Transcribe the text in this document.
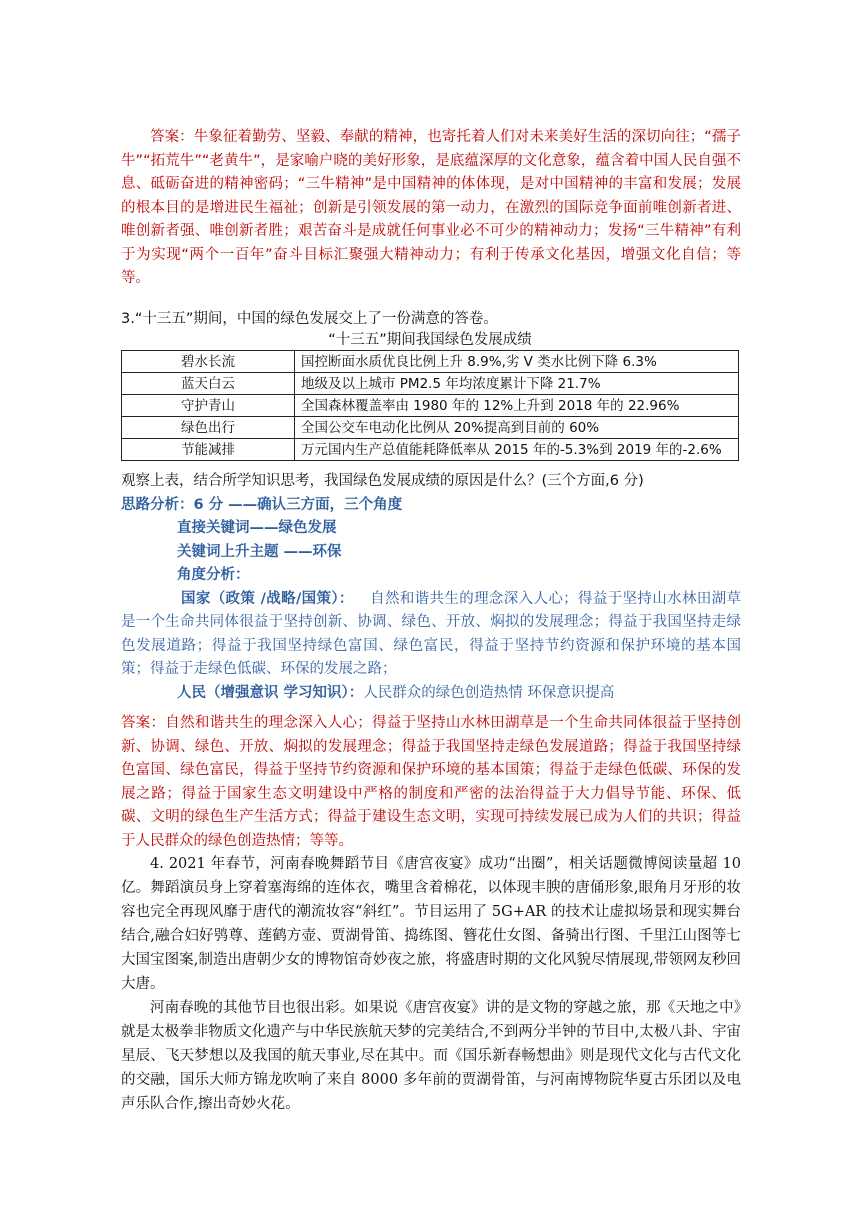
答案：牛象征着勤劳、坚毅、奉献的精神，也寄托着人们对未来美好生活的深切向往；“孺子牛”“拓荒牛”“老黄牛”，是家喻户晓的美好形象，是底蕴深厚的文化意象，蕴含着中国人民自强不息、砥砺奋进的精神密码；“三牛精神”是中国精神的体体现，是对中国精神的丰富和发展；发展的根本目的是增进民生福祉；创新是引领发展的第一动力，在激烈的国际竞争面前唯创新者进、唯创新者强、唯创新者胜；艰苦奋斗是成就任何事业必不可少的精神动力；发扬“三牛精神”有利于为实现“两个一百年”奋斗目标汇聚强大精神动力；有利于传承文化基因，增强文化自信；等等。

3.“十三五”期间，中国的绿色发展交上了一份满意的答卷。

“十三五”期间我国绿色发展成绩
碧水长流	国控断面水质优良比例上升 8.9%,劣 V 类水比例下降 6.3%
蓝天白云	地级及以上城市 PM2.5 年均浓度累计下降 21.7%
守护青山	全国森林覆盖率由 1980 年的 12%上升到 2018 年的 22.96%
绿色出行	全国公交车电动化比例从 20%提高到目前的 60%
节能减排	万元国内生产总值能耗降低率从 2015 年的-5.3%到 2019 年的-2.6%

观察上表，结合所学知识思考，我国绿色发展成绩的原因是什么？(三个方面,6 分)

思路分析：6 分 ——确认三方面，三个角度

直接关键词——绿色发展

关键词上升主题 ——环保

角度分析：

国家（政策 /战略/国策）： 自然和谐共生的理念深入人心；得益于坚持山水林田湖草是一个生命共同体很益于坚持创新、协调、绿色、开放、焖拟的发展理念；得益于我国坚持走绿色发展道路；得益于我国坚持绿色富国、绿色富民，得益于坚持节约资源和保护环境的基本国策；得益于走绿色低碳、环保的发展之路；

人民（增强意识 学习知识）：人民群众的绿色创造热情 环保意识提高

答案：自然和谐共生的理念深入人心；得益于坚持山水林田湖草是一个生命共同体很益于坚持创新、协调、绿色、开放、焖拟的发展理念；得益于我国坚持走绿色发展道路；得益于我国坚持绿色富国、绿色富民，得益于坚持节约资源和保护环境的基本国策；得益于走绿色低碳、环保的发展之路；得益于国家生态文明建设中严格的制度和严密的法治得益于大力倡导节能、环保、低碳、文明的绿色生产生活方式；得益于建设生态文明，实现可持续发展已成为人们的共识；得益于人民群众的绿色创造热情；等等。

4. 2021 年春节，河南春晚舞蹈节目《唐宫夜宴》成功“出圈”，相关话题微博阅读量超 10 亿。舞蹈演员身上穿着塞海绵的连体衣，嘴里含着棉花，以体现丰腴的唐俑形象,眼角月牙形的妆容也完全再现风靡于唐代的潮流妆容“斜红”。节目运用了 5G+AR 的技术让虚拟场景和现实舞台结合,融合妇好鸮尊、莲鹤方壶、贾湖骨笛、捣练图、簪花仕女图、备骑出行图、千里江山图等七大国宝图案,制造出唐朝少女的博物馆奇妙夜之旅，将盛唐时期的文化风貌尽情展现,带领网友秒回大唐。

河南春晚的其他节目也很出彩。如果说《唐宫夜宴》讲的是文物的穿越之旅，那《天地之中》就是太极拳非物质文化遗产与中华民族航天梦的完美结合,不到两分半钟的节目中,太极八卦、宇宙星辰、飞天梦想以及我国的航天事业,尽在其中。而《国乐新春畅想曲》则是现代文化与古代文化的交融，国乐大师方锦龙吹响了来自 8000 多年前的贾湖骨笛，与河南博物院华夏古乐团以及电声乐队合作,擦出奇妙火花。
